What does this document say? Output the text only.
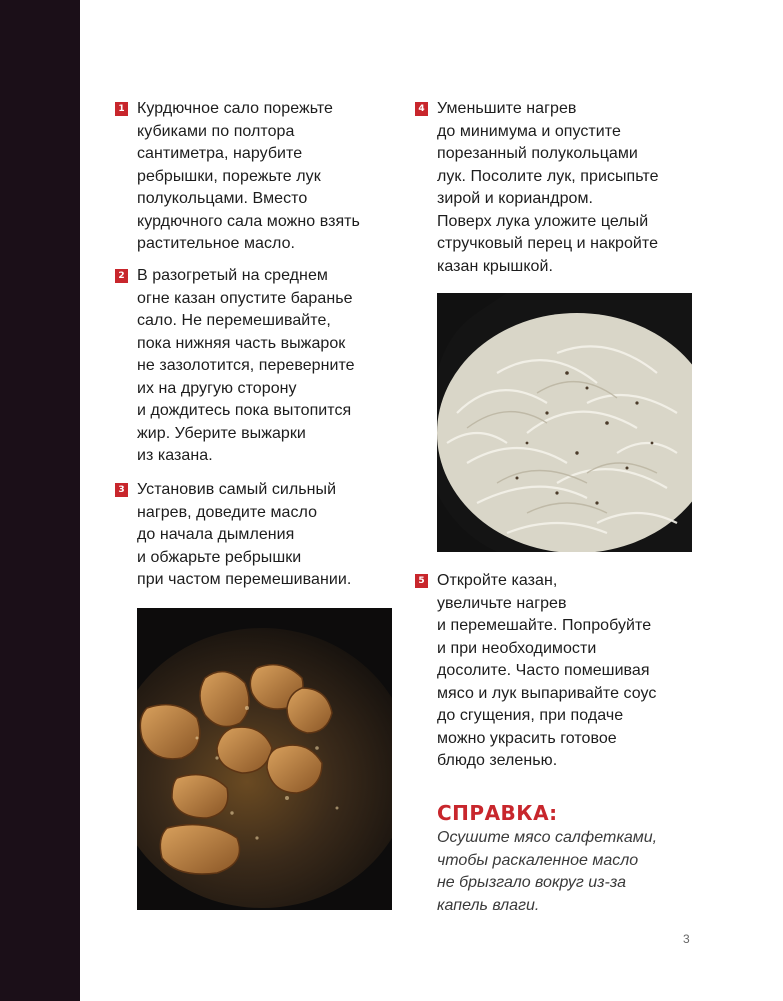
1 Курдючное сало порежьте
кубиками по полтора
сантиметра, нарубите
ребрышки, порежьте лук
полукольцами. Вместо
курдючного сала можно взять
растительное масло.
2 В разогретый на среднем
огне казан опустите баранье
сало. Не перемешивайте,
пока нижняя часть выжарок
не зазолотится, переверните
их на другую сторону
и дождитесь пока вытопится
жир. Уберите выжарки
из казана.
3 Установив самый сильный
нагрев, доведите масло
до начала дымления
и обжарьте ребрышки
при частом перемешивании.
4 Уменьшите нагрев
до минимума и опустите
порезанный полукольцами
лук. Посолите лук, присыпьте
зирой и кориандром.
Поверх лука уложите целый
стручковый перец и накройте
казан крышкой.
5 Откройте казан,
увеличьте нагрев
и перемешайте. Попробуйте
и при необходимости
досолите. Часто помешивая
мясо и лук выпаривайте соус
до сгущения, при подаче
можно украсить готовое
блюдо зеленью.
СПРАВКА:
Осушите мясо салфетками,
чтобы раскаленное масло
не брызгало вокруг из-за
капель влаги.
3
